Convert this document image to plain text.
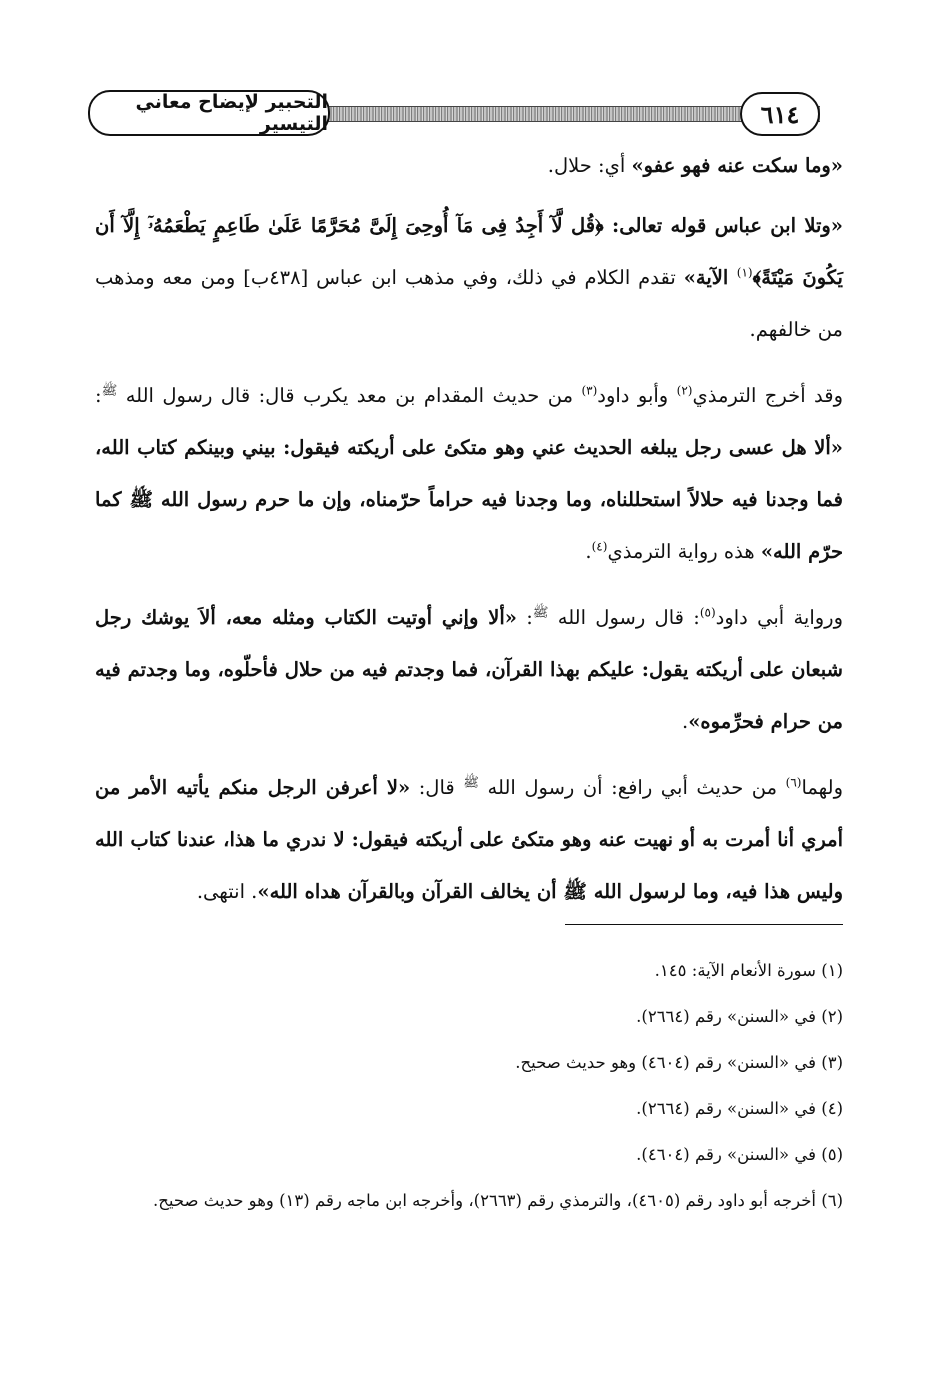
التحبير لإيضاح معاني التيسير	٦١٤

«وما سكت عنه فهو عفو» أي: حلال.

«وتلا ابن عباس قوله تعالى: ﴿قُل لَّآ أَجِدُ فِى مَآ أُوحِىَ إِلَىَّ مُحَرَّمًا عَلَىٰ طَاعِمٍ يَطْعَمُهُۥٓ إِلَّآ أَن يَكُونَ مَيْتَةً﴾$^{(١)}$ الآية» تقدم الكلام في ذلك، وفي مذهب ابن عباس [٤٣٨ب] ومن معه ومذهب من خالفهم.

وقد أخرج الترمذي$^{(٢)}$ وأبو داود$^{(٣)}$ من حديث المقدام بن معد يكرب قال: قال رسول الله $^ﷺ$: «ألا هل عسى رجل يبلغه الحديث عني وهو متكئ على أريكته فيقول: بيني وبينكم كتاب الله، فما وجدنا فيه حلالاً استحللناه، وما وجدنا فيه حراماً حرّمناه، وإن ما حرم رسول الله ﷺ كما حرّم الله» هذه رواية الترمذي$^{(٤)}$.

ورواية أبي داود$^{(٥)}$: قال رسول الله $^ﷺ$: «ألا وإني أوتيت الكتاب ومثله معه، ألاَ يوشك رجل شبعان على أريكته يقول: عليكم بهذا القرآن، فما وجدتم فيه من حلال فأحلّوه، وما وجدتم فيه من حرام فحرِّموه».

ولهما$^{(٦)}$ من حديث أبي رافع: أن رسول الله $^ﷺ$ قال: «لا أعرفن الرجل منكم يأتيه الأمر من أمري أنا أمرت به أو نهيت عنه وهو متكئ على أريكته فيقول: لا ندري ما هذا، عندنا كتاب الله وليس هذا فيه، وما لرسول الله ﷺ أن يخالف القرآن وبالقرآن هداه الله». انتهى.

(١) سورة الأنعام الآية: ١٤٥.
(٢) في «السنن» رقم (٢٦٦٤).
(٣) في «السنن» رقم (٤٦٠٤) وهو حديث صحيح.
(٤) في «السنن» رقم (٢٦٦٤).
(٥) في «السنن» رقم (٤٦٠٤).
(٦) أخرجه أبو داود رقم (٤٦٠٥)، والترمذي رقم (٢٦٦٣)، وأخرجه ابن ماجه رقم (١٣) وهو حديث صحيح.
